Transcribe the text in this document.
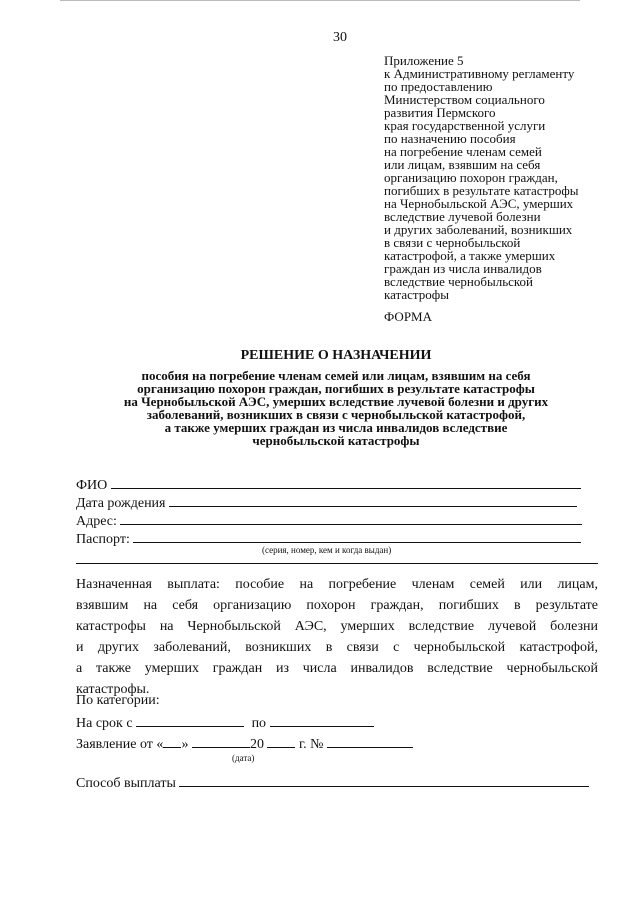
30
Приложение 5
к Административному регламенту
по предоставлению
Министерством социального
развития Пермского
края государственной услуги
по назначению пособия
на погребение членам семей
или лицам, взявшим на себя
организацию похорон граждан,
погибших в результате катастрофы
на Чернобыльской АЭС, умерших
вследствие лучевой болезни
и других заболеваний, возникших
в связи с чернобыльской
катастрофой, а также умерших
граждан из числа инвалидов
вследствие чернобыльской
катастрофы
ФОРМА
РЕШЕНИЕ О НАЗНАЧЕНИИ
пособия на погребение членам семей или лицам, взявшим на себя
организацию похорон граждан, погибших в результате катастрофы
на Чернобыльской АЭС, умерших вследствие лучевой болезни и других
заболеваний, возникших в связи с чернобыльской катастрофой,
а также умерших граждан из числа инвалидов вследствие
чернобыльской катастрофы
ФИО
Дата рождения
Адрес:
Паспорт:
(серия, номер, кем и когда выдан)
Назначенная выплата: пособие на погребение членам семей или лицам,
взявшим на себя организацию похорон граждан, погибших в результате
катастрофы на Чернобыльской АЭС, умерших вследствие лучевой болезни
и других заболеваний, возникших в связи с чернобыльской катастрофой,
а также умерших граждан из числа инвалидов вследствие чернобыльской
катастрофы.
По категории:
На срок с	по
Заявление от « »	20	г. №
(дата)
Способ выплаты
